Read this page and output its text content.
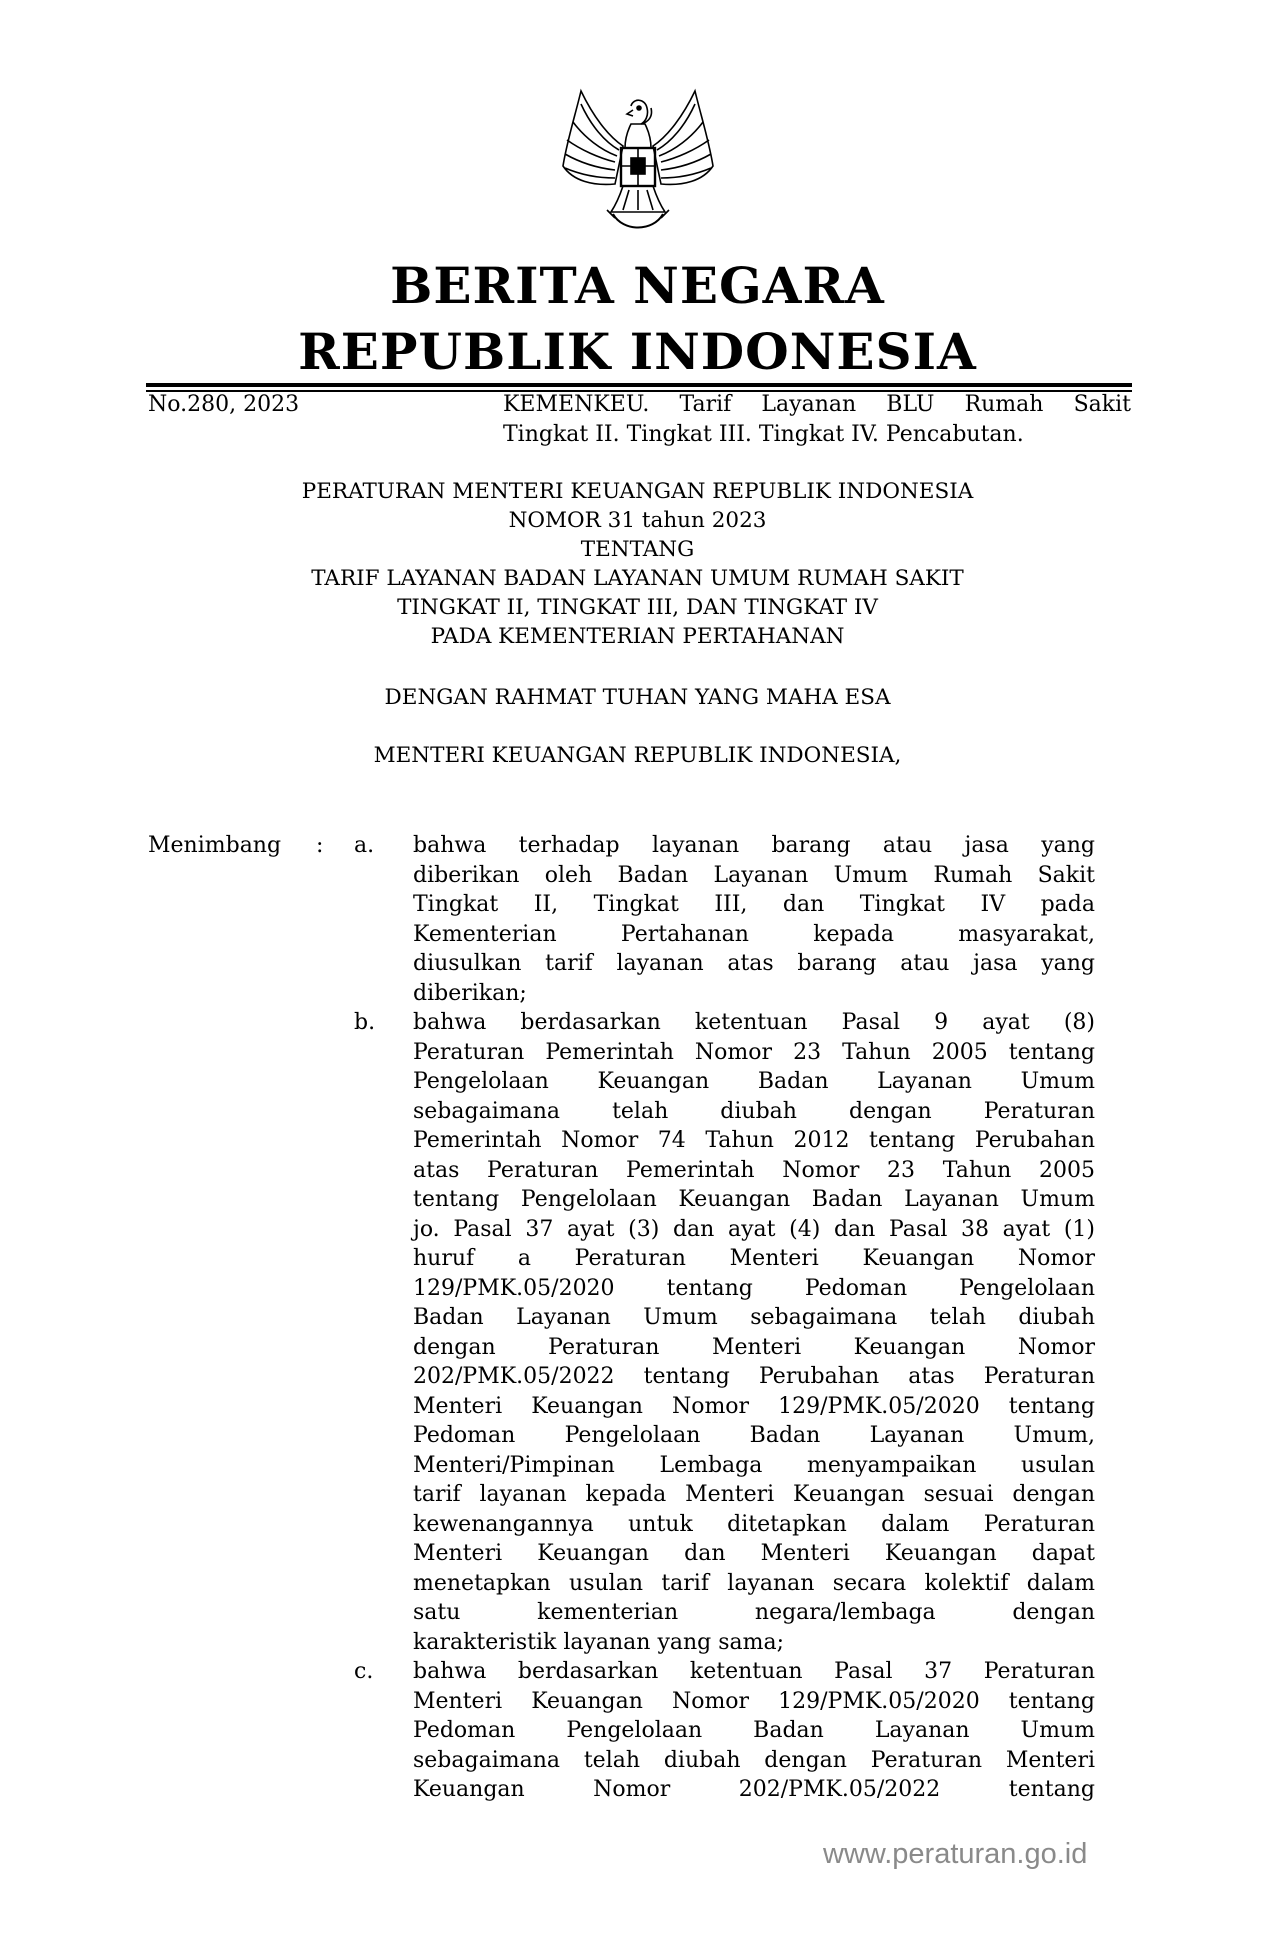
BERITA NEGARA
REPUBLIK INDONESIA
No.280, 2023	KEMENKEU. Tarif Layanan BLU Rumah Sakit
Tingkat II. Tingkat III. Tingkat IV. Pencabutan.
PERATURAN MENTERI KEUANGAN REPUBLIK INDONESIA
NOMOR 31 tahun 2023
TENTANG
TARIF LAYANAN BADAN LAYANAN UMUM RUMAH SAKIT
TINGKAT II, TINGKAT III, DAN TINGKAT IV
PADA KEMENTERIAN PERTAHANAN
DENGAN RAHMAT TUHAN YANG MAHA ESA
MENTERI KEUANGAN REPUBLIK INDONESIA,
Menimbang : a. bahwa terhadap layanan barang atau jasa yang
diberikan oleh Badan Layanan Umum Rumah Sakit
Tingkat II, Tingkat III, dan Tingkat IV pada
Kementerian Pertahanan kepada masyarakat,
diusulkan tarif layanan atas barang atau jasa yang
diberikan;
b. bahwa berdasarkan ketentuan Pasal 9 ayat (8)
Peraturan Pemerintah Nomor 23 Tahun 2005 tentang
Pengelolaan Keuangan Badan Layanan Umum
sebagaimana telah diubah dengan Peraturan
Pemerintah Nomor 74 Tahun 2012 tentang Perubahan
atas Peraturan Pemerintah Nomor 23 Tahun 2005
tentang Pengelolaan Keuangan Badan Layanan Umum
jo. Pasal 37 ayat (3) dan ayat (4) dan Pasal 38 ayat (1)
huruf a Peraturan Menteri Keuangan Nomor
129/PMK.05/2020 tentang Pedoman Pengelolaan
Badan Layanan Umum sebagaimana telah diubah
dengan Peraturan Menteri Keuangan Nomor
202/PMK.05/2022 tentang Perubahan atas Peraturan
Menteri Keuangan Nomor 129/PMK.05/2020 tentang
Pedoman Pengelolaan Badan Layanan Umum,
Menteri/Pimpinan Lembaga menyampaikan usulan
tarif layanan kepada Menteri Keuangan sesuai dengan
kewenangannya untuk ditetapkan dalam Peraturan
Menteri Keuangan dan Menteri Keuangan dapat
menetapkan usulan tarif layanan secara kolektif dalam
satu kementerian negara/lembaga dengan
karakteristik layanan yang sama;
c. bahwa berdasarkan ketentuan Pasal 37 Peraturan
Menteri Keuangan Nomor 129/PMK.05/2020 tentang
Pedoman Pengelolaan Badan Layanan Umum
sebagaimana telah diubah dengan Peraturan Menteri
Keuangan Nomor 202/PMK.05/2022 tentang
www.peraturan.go.id
